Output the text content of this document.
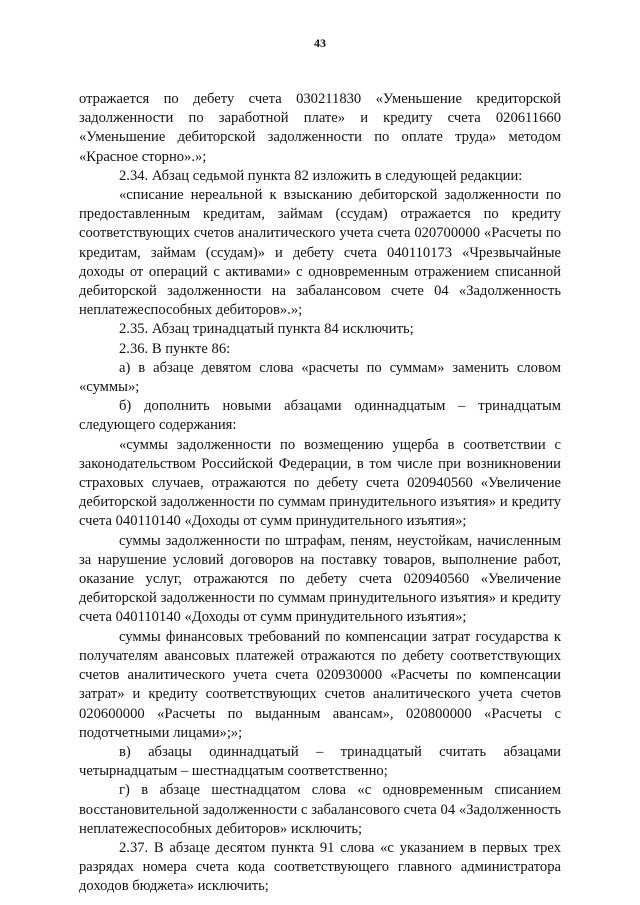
43

отражается по дебету счета 030211830 «Уменьшение кредиторской задолженности по заработной плате» и кредиту счета 020611660 «Уменьшение дебиторской задолженности по оплате труда» методом «Красное сторно».»;

2.34. Абзац седьмой пункта 82 изложить в следующей редакции:

«списание нереальной к взысканию дебиторской задолженности по предоставленным кредитам, займам (ссудам) отражается по кредиту соответствующих счетов аналитического учета счета 020700000 «Расчеты по кредитам, займам (ссудам)» и дебету счета 040110173 «Чрезвычайные доходы от операций с активами» с одновременным отражением списанной дебиторской задолженности на забалансовом счете 04 «Задолженность неплатежеспособных дебиторов».»;

2.35. Абзац тринадцатый пункта 84 исключить;

2.36. В пункте 86:

а) в абзаце девятом слова «расчеты по суммам» заменить словом «суммы»;

б) дополнить новыми абзацами одиннадцатым – тринадцатым следующего содержания:

«суммы задолженности по возмещению ущерба в соответствии с законодательством Российской Федерации, в том числе при возникновении страховых случаев, отражаются по дебету счета 020940560 «Увеличение дебиторской задолженности по суммам принудительного изъятия» и кредиту счета 040110140 «Доходы от сумм принудительного изъятия»;

суммы задолженности по штрафам, пеням, неустойкам, начисленным за нарушение условий договоров на поставку товаров, выполнение работ, оказание услуг, отражаются по дебету счета 020940560 «Увеличение дебиторской задолженности по суммам принудительного изъятия» и кредиту счета 040110140 «Доходы от сумм принудительного изъятия»;

суммы финансовых требований по компенсации затрат государства к получателям авансовых платежей отражаются по дебету соответствующих счетов аналитического учета счета 020930000 «Расчеты по компенсации затрат» и кредиту соответствующих счетов аналитического учета счетов 020600000 «Расчеты по выданным авансам», 020800000 «Расчеты с подотчетными лицами»;»;

в) абзацы одиннадцатый – тринадцатый считать абзацами четырнадцатым – шестнадцатым соответственно;

г) в абзаце шестнадцатом слова «с одновременным списанием восстановительной задолженности с забалансового счета 04 «Задолженность неплатежеспособных дебиторов» исключить;

2.37. В абзаце десятом пункта 91 слова «с указанием в первых трех разрядах номера счета кода соответствующего главного администратора доходов бюджета» исключить;
